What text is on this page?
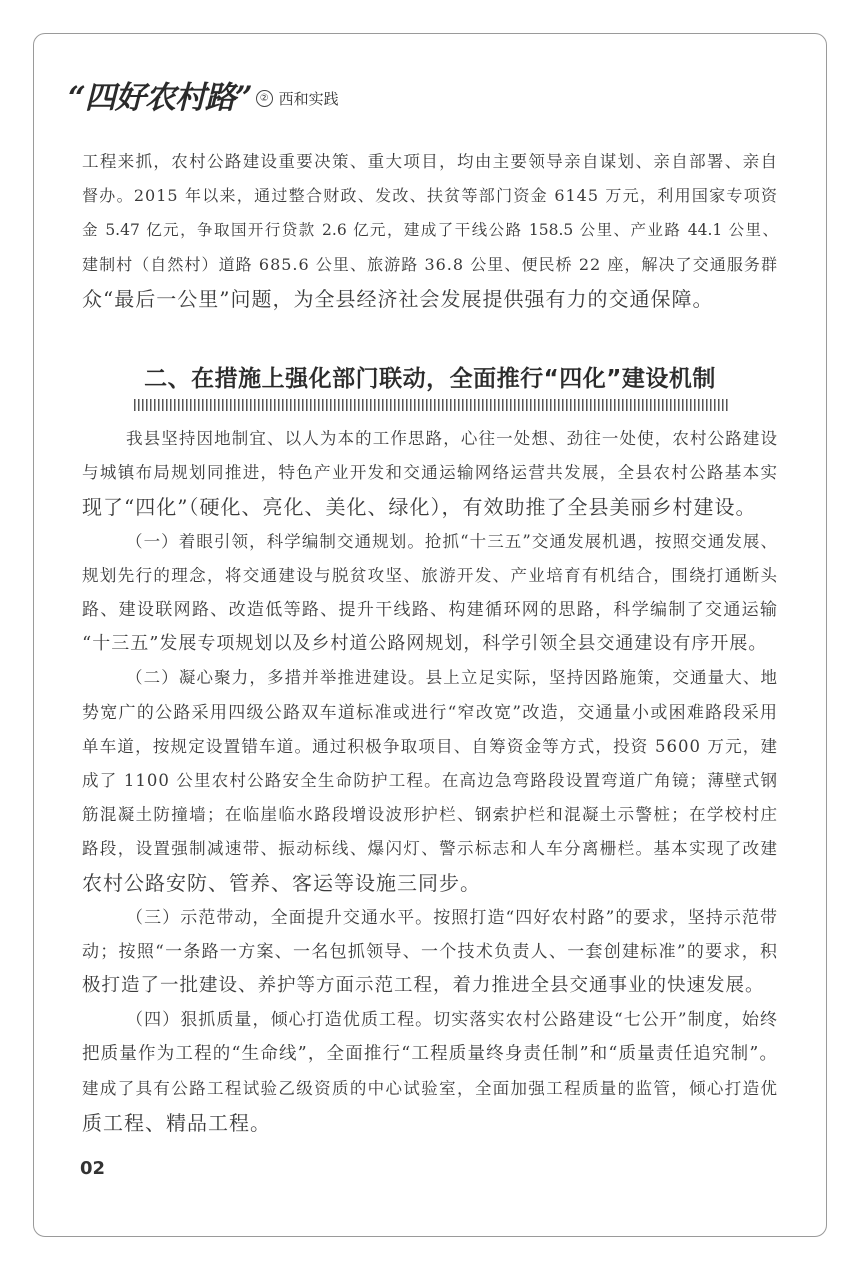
“四好农村路” ② 西和实践
工程来抓，农村公路建设重要决策、重大项目，均由主要领导亲自谋划、亲自部署、亲自
督办。2015 年以来，通过整合财政、发改、扶贫等部门资金 6145 万元，利用国家专项资
金 5.47 亿元，争取国开行贷款 2.6 亿元，建成了干线公路 158.5 公里、产业路 44.1 公里、
建制村（自然村）道路 685.6 公里、旅游路 36.8 公里、便民桥 22 座，解决了交通服务群
众“最后一公里”问题，为全县经济社会发展提供强有力的交通保障。
二、在措施上强化部门联动，全面推行“四化”建设机制
我县坚持因地制宜、以人为本的工作思路，心往一处想、劲往一处使，农村公路建设
与城镇布局规划同推进，特色产业开发和交通运输网络运营共发展，全县农村公路基本实
现了“四化”（硬化、亮化、美化、绿化），有效助推了全县美丽乡村建设。
（一）着眼引领，科学编制交通规划。抢抓“十三五”交通发展机遇，按照交通发展、
规划先行的理念，将交通建设与脱贫攻坚、旅游开发、产业培育有机结合，围绕打通断头
路、建设联网路、改造低等路、提升干线路、构建循环网的思路，科学编制了交通运输
“十三五”发展专项规划以及乡村道公路网规划，科学引领全县交通建设有序开展。
（二）凝心聚力，多措并举推进建设。县上立足实际，坚持因路施策，交通量大、地
势宽广的公路采用四级公路双车道标准或进行“窄改宽”改造，交通量小或困难路段采用
单车道，按规定设置错车道。通过积极争取项目、自筹资金等方式，投资 5600 万元，建
成了 1100 公里农村公路安全生命防护工程。在高边急弯路段设置弯道广角镜；薄壁式钢
筋混凝土防撞墙；在临崖临水路段增设波形护栏、钢索护栏和混凝土示警桩；在学校村庄
路段，设置强制减速带、振动标线、爆闪灯、警示标志和人车分离栅栏。基本实现了改建
农村公路安防、管养、客运等设施三同步。
（三）示范带动，全面提升交通水平。按照打造“四好农村路”的要求，坚持示范带
动；按照“一条路一方案、一名包抓领导、一个技术负责人、一套创建标准”的要求，积
极打造了一批建设、养护等方面示范工程，着力推进全县交通事业的快速发展。
（四）狠抓质量，倾心打造优质工程。切实落实农村公路建设“七公开”制度，始终
把质量作为工程的“生命线”，全面推行“工程质量终身责任制”和“质量责任追究制”。
建成了具有公路工程试验乙级资质的中心试验室，全面加强工程质量的监管，倾心打造优
质工程、精品工程。
02
